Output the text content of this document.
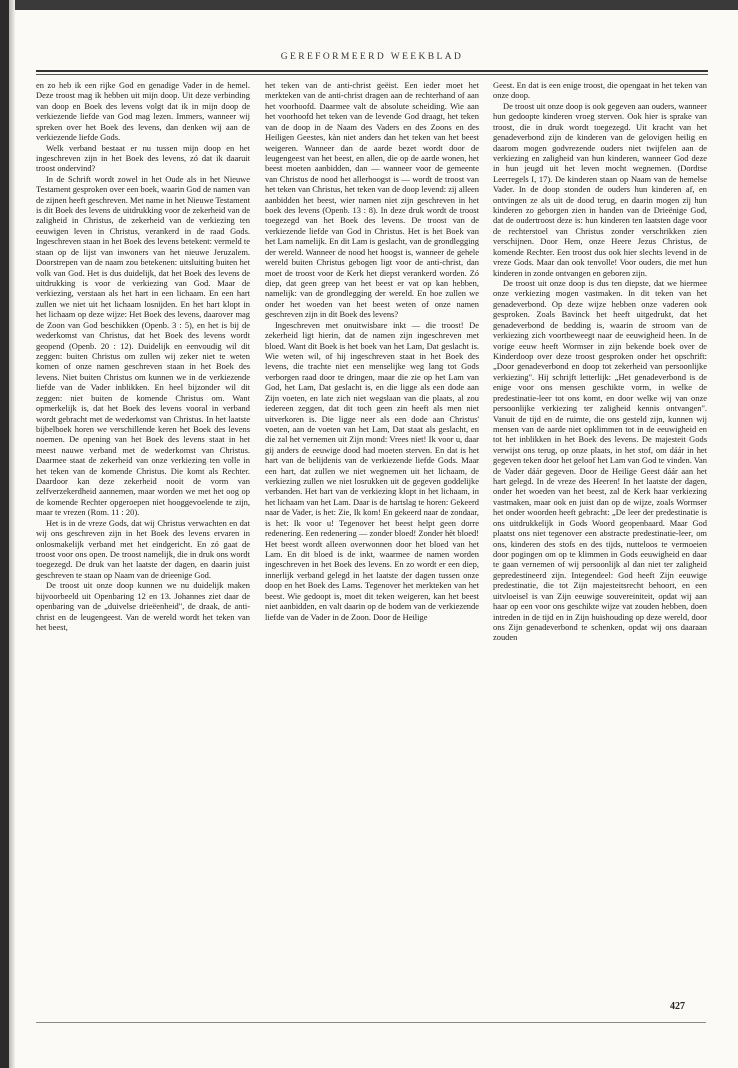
GEREFORMEERD WEEKBLAD

en zo heb ik een rijke God en genadige Vader in de hemel. Deze troost mag ik hebben uit mijn doop. Uit deze verbinding van doop en Boek des levens volgt dat ik in mijn doop de verkiezende liefde van God mag lezen. Immers, wanneer wij spreken over het Boek des levens, dan denken wij aan de verkiezende liefde Gods.

Welk verband bestaat er nu tussen mijn doop en het ingeschreven zijn in het Boek des levens, zó dat ik daaruit troost ondervind?

In de Schrift wordt zowel in het Oude als in het Nieuwe Testament gesproken over een boek, waarin God de namen van de zijnen heeft geschreven. Met name in het Nieuwe Testament is dit Boek des levens de uitdrukking voor de zekerheid van de zaligheid in Christus, de zekerheid van de verkiezing ten eeuwigen leven in Christus, verankerd in de raad Gods. Ingeschreven staan in het Boek des levens betekent: vermeld te staan op de lijst van inwoners van het nieuwe Jeruzalem. Doorstrepen van de naam zou betekenen: uitsluiting buiten het volk van God. Het is dus duidelijk, dat het Boek des levens de uitdrukking is voor de verkiezing van God. Maar de verkiezing, verstaan als het hart in een lichaam. En een hart zullen we niet uit het lichaam losnijden. En het hart klopt in het lichaam op deze wijze: Het Boek des levens, daarover mag de Zoon van God beschikken (Openb. 3 : 5), en het is bij de wederkomst van Christus, dat het Boek des levens wordt geopend (Openb. 20 : 12). Duidelijk en eenvoudig wil dit zeggen: buiten Christus om zullen wij zeker niet te weten komen of onze namen geschreven staan in het Boek des levens. Niet buiten Christus om kunnen we in de verkiezende liefde van de Vader inblikken. En heel bijzonder wil dit zeggen: niet buiten de komende Christus om. Want opmerkelijk is, dat het Boek des levens vooral in verband wordt gebracht met de wederkomst van Christus. In het laatste bijbelboek horen we verschillende keren het Boek des levens noemen. De opening van het Boek des levens staat in het meest nauwe verband met de wederkomst van Christus. Daarmee staat de zekerheid van onze verkiezing ten volle in het teken van de komende Christus. Die komt als Rechter. Daardoor kan deze zekerheid nooit de vorm van zelfverzekerdheid aannemen, maar worden we met het oog op de komende Rechter opgeroepen niet hooggevoelende te zijn, maar te vrezen (Rom. 11 : 20).

Het is in de vreze Gods, dat wij Christus verwachten en dat wij ons geschreven zijn in het Boek des levens ervaren in onlosmakelijk verband met het eindgericht. En zó gaat de troost voor ons open. De troost namelijk, die in druk ons wordt toegezegd. De druk van het laatste der dagen, en daarin juist geschreven te staan op Naam van de drieenige God.

De troost uit onze doop kunnen we nu duidelijk maken bijvoorbeeld uit Openbaring 12 en 13. Johannes ziet daar de openbaring van de „duivelse drieëenheid", de draak, de anti-christ en de leugengeest. Van de wereld wordt het teken van het beest,

het teken van de anti-christ geëist. Een ieder moet het merkteken van de anti-christ dragen aan de rechterhand of aan het voorhoofd. Daarmee valt de absolute scheiding. Wie aan het voorhoofd het teken van de levende God draagt, het teken van de doop in de Naam des Vaders en des Zoons en des Heiligen Geestes, kàn niet anders dan het teken van het beest weigeren. Wanneer dan de aarde bezet wordt door de leugengeest van het beest, en allen, die op de aarde wonen, het beest moeten aanbidden, dan — wanneer voor de gemeente van Christus de nood het allerhoogst is — wordt de troost van het teken van Christus, het teken van de doop levend: zij alleen aanbidden het beest, wier namen niet zijn geschreven in het boek des levens (Openb. 13 : 8). In deze druk wordt de troost toegezegd van het Boek des levens. De troost van de verkiezende liefde van God in Christus. Het is het Boek van het Lam namelijk. En dit Lam is geslacht, van de grondlegging der wereld. Wanneer de nood het hoogst is, wanneer de gehele wereld buiten Christus gebogen ligt voor de anti-christ, dan moet de troost voor de Kerk het diepst verankerd worden. Zó diep, dat geen greep van het beest er vat op kan hebben, namelijk: van de grondlegging der wereld. En hoe zullen we onder het woeden van het beest weten of onze namen geschreven zijn in dit Boek des levens?

Ingeschreven met onuitwisbare inkt — die troost! De zekerheid ligt hierin, dat de namen zijn ingeschreven met bloed. Want dit Boek is het boek van het Lam, Dat geslacht is. Wie weten wil, of hij ingeschreven staat in het Boek des levens, die trachte niet een menselijke weg lang tot Gods verborgen raad door te dringen, maar die zie op het Lam van God, het Lam, Dat geslacht is, en die ligge als een dode aan Zijn voeten, en late zich niet wegslaan van die plaats, al zou iedereen zeggen, dat dit toch geen zin heeft als men niet uitverkoren is. Die ligge neer als een dode aan Christus' voeten, aan de voeten van het Lam, Dat staat als geslacht, en die zal het vernemen uit Zijn mond: Vrees niet! Ik voor u, daar gij anders de eeuwige dood had moeten sterven. En dat is het hart van de belijdenis van de verkiezende liefde Gods. Maar een hart, dat zullen we niet wegnemen uit het lichaam, de verkiezing zullen we niet losrukken uit de gegeven goddelijke verbanden. Het hart van de verkiezing klopt in het lichaam, in het lichaam van het Lam. Daar is de hartslag te horen: Gekeerd naar de Vader, is het: Zie, Ik kom! En gekeerd naar de zondaar, is het: Ik voor u! Tegenover het beest helpt geen dorre redenering. Een redenering — zonder bloed! Zonder hèt bloed! Het beest wordt alleen overwonnen door het bloed van het Lam. En dit bloed is de inkt, waarmee de namen worden ingeschreven in het Boek des levens. En zo wordt er een diep, innerlijk verband gelegd in het laatste der dagen tussen onze doop en het Boek des Lams. Tegenover het merkteken van het beest. Wie gedoopt is, moet dit teken weigeren, kan het beest niet aanbidden, en valt daarin op de bodem van de verkiezende liefde van de Vader in de Zoon. Door de Heilige

Geest. En dat is een enige troost, die opengaat in het teken van onze doop.

De troost uit onze doop is ook gegeven aan ouders, wanneer hun gedoopte kinderen vroeg sterven. Ook hier is sprake van troost, die in druk wordt toegezegd. Uit kracht van het genadeverbond zijn de kinderen van de gelovigen heilig en daarom mogen godvrezende ouders niet twijfelen aan de verkiezing en zaligheid van hun kinderen, wanneer God deze in hun jeugd uit het leven mocht wegnemen. (Dordtse Leerregels I, 17). De kinderen staan op Naam van de hemelse Vader. In de doop stonden de ouders hun kinderen af, en ontvingen ze als uit de dood terug, en daarin mogen zij hun kinderen zo geborgen zien in handen van de Drieënige God, dat de oudertroost deze is: hun kinderen ten laatsten dage voor de rechterstoel van Christus zonder verschrikken zien verschijnen. Door Hem, onze Heere Jezus Christus, de komende Rechter. Een troost dus ook hier slechts levend in de vreze Gods. Maar dan ook tenvolle! Voor ouders, die met hun kinderen in zonde ontvangen en geboren zijn.

De troost uit onze doop is dus ten diepste, dat we hiermee onze verkiezing mogen vastmaken. In dit teken van het genadeverbond. Op deze wijze hebben onze vaderen ook gesproken. Zoals Bavinck het heeft uitgedrukt, dat het genadeverbond de bedding is, waarin de stroom van de verkiezing zich voortbeweegt naar de eeuwigheid heen. In de vorige eeuw heeft Wormser in zijn bekende boek over de Kinderdoop over deze troost gesproken onder het opschrift: „Door genadeverbond en doop tot zekerheid van persoonlijke verkiezing". Hij schrijft letterlijk: „Het genadeverbond is de enige voor ons mensen geschikte vorm, in welke de predestinatie-leer tot ons komt, en door welke wij van onze persoonlijke verkiezing ter zaligheid kennis ontvangen". Vanuit de tijd en de ruimte, die ons gesteld zijn, kunnen wij mensen van de aarde niet opklimmen tot in de eeuwigheid en tot het inblikken in het Boek des levens. De majesteit Gods verwijst ons terug, op onze plaats, in het stof, om dáár in het gegeven teken door het geloof het Lam van God te vinden. Van de Vader dáár gegeven. Door de Heilige Geest dáár aan het hart gelegd. In de vreze des Heeren! In het laatste der dagen, onder het woeden van het beest, zal de Kerk haar verkiezing vastmaken, maar ook en juist dan op de wijze, zoals Wormser het onder woorden heeft gebracht: „De leer der predestinatie is ons uitdrukkelijk in Gods Woord geopenbaard. Maar God plaatst ons niet tegenover een abstracte predestinatie-leer, om ons, kinderen des stofs en des tijds, nutteloos te vermoeien door pogingen om op te klimmen in Gods eeuwigheid en daar te gaan vernemen of wij persoonlijk al dan niet ter zaligheid gepredestineerd zijn. Integendeel: God heeft Zijn eeuwige predestinatie, die tot Zijn majesteitsrecht behoort, en een uitvloeisel is van Zijn eeuwige souvereiniteit, opdat wij aan haar op een voor ons geschikte wijze vat zouden hebben, doen intreden in de tijd en in Zijn huishouding op deze wereld, door ons Zijn genadeverbond te schenken, opdat wij ons daaraan zouden

427
